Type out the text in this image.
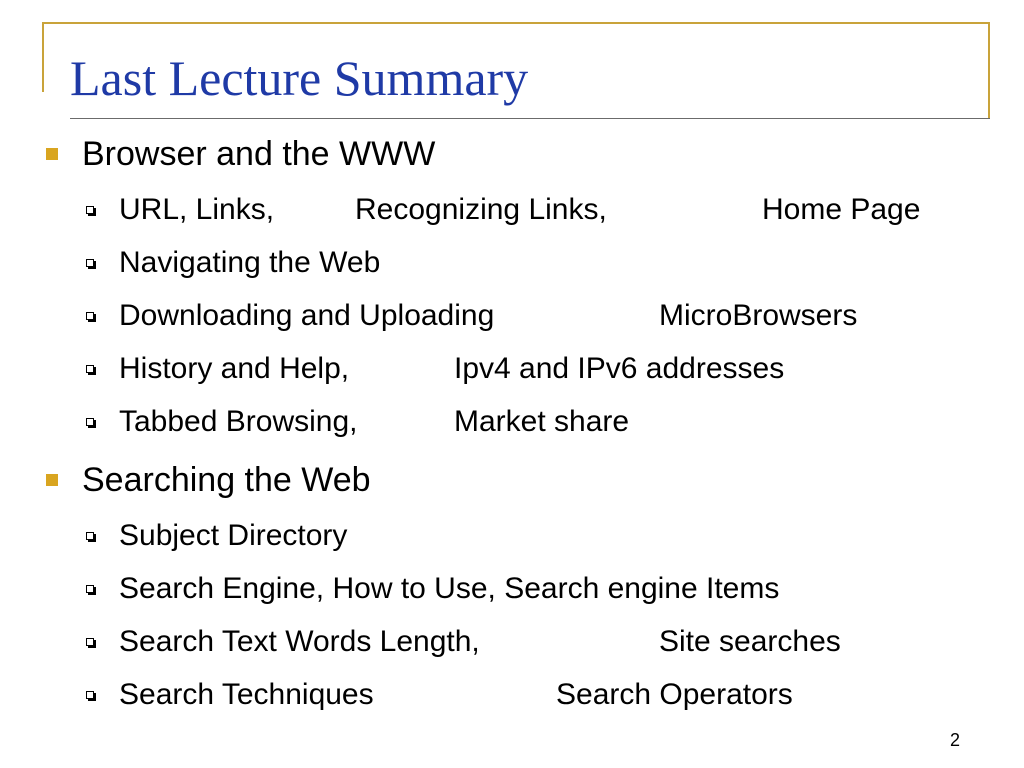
Last Lecture Summary
Browser and the WWW
URL, Links,	Recognizing Links,	Home Page
Navigating the Web
Downloading and Uploading	MicroBrowsers
History and Help,	Ipv4 and IPv6 addresses
Tabbed Browsing,	Market share
Searching the Web
Subject Directory
Search Engine, How to Use, Search engine Items
Search Text Words Length,	Site searches
Search Techniques	Search Operators
2
